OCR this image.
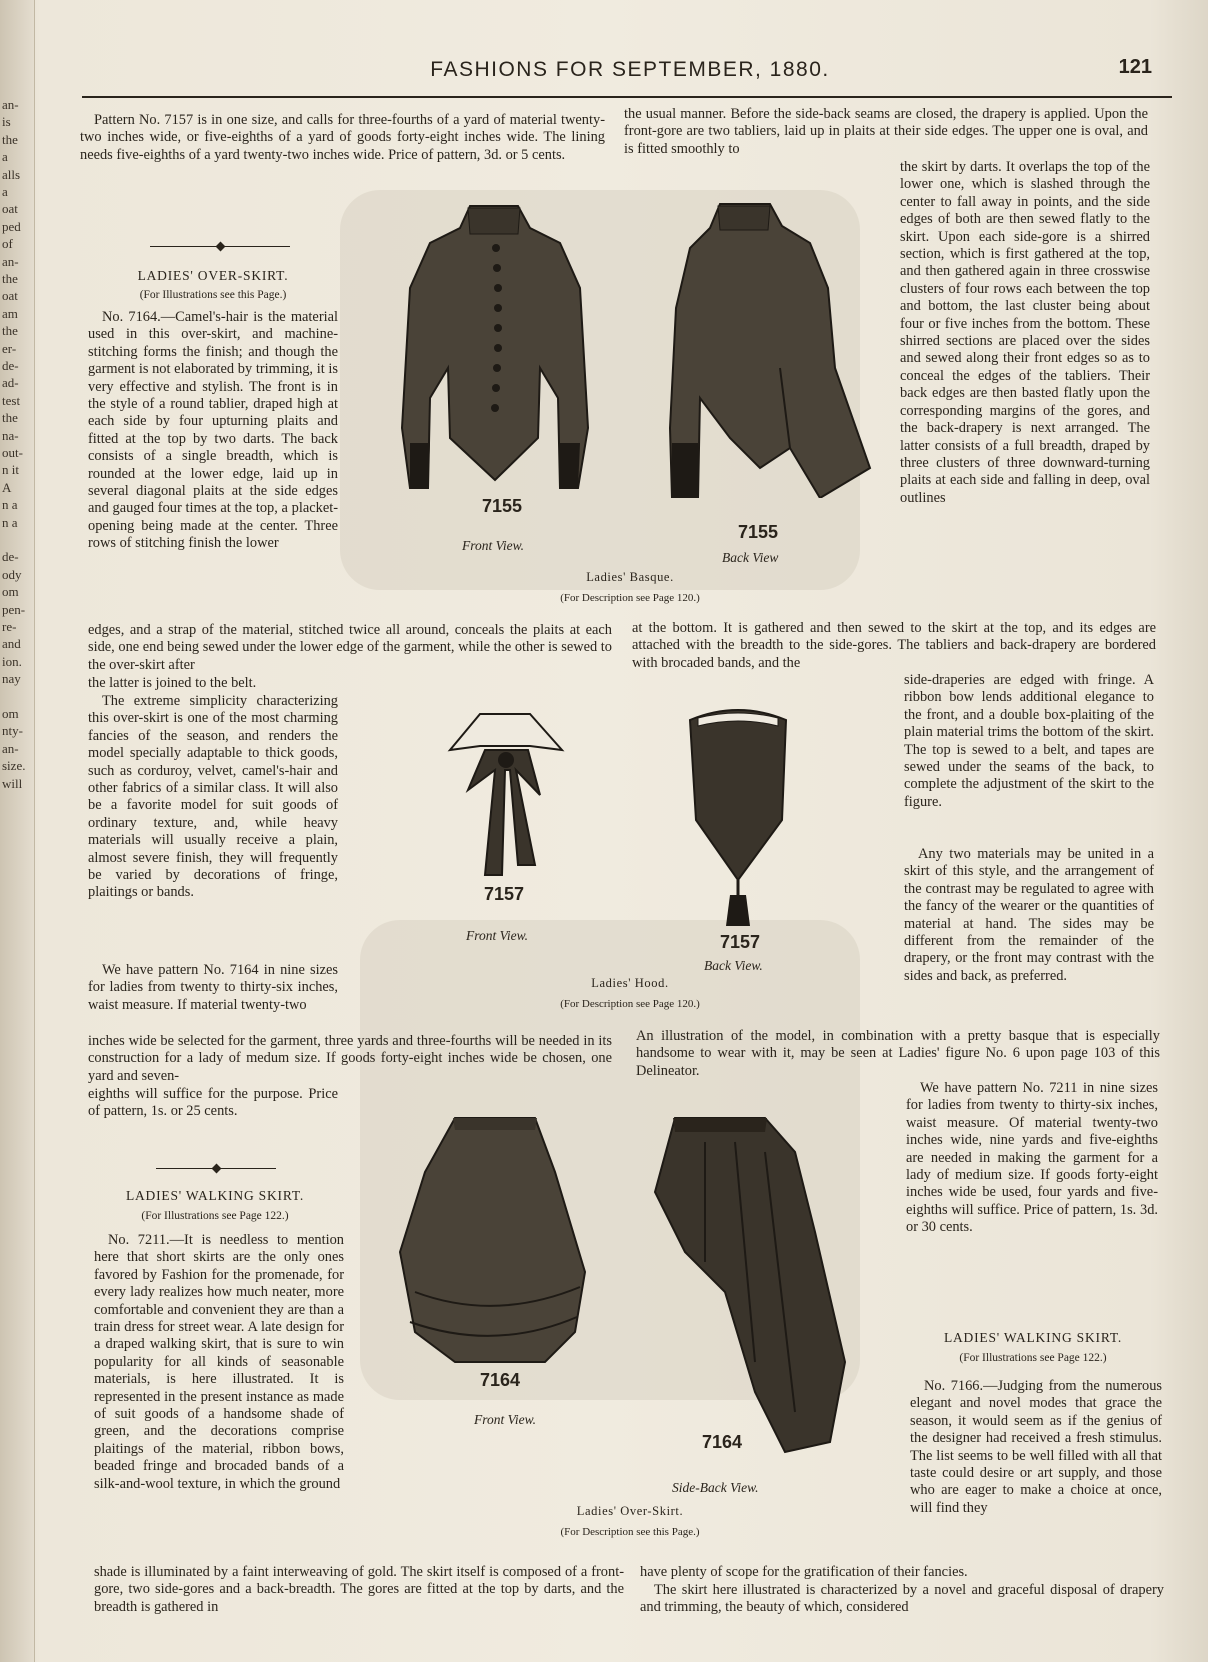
an-
is
the
a
alls
a
oat
ped
of
an-
the
oat
am
the
er-
de-
ad-
test
the
na-
out-
n it
A
n a
n a
de-
ody
om
pen-
re-
and
ion.
nay
om
nty-
an-
size.
will
FASHIONS FOR SEPTEMBER, 1880.	121

Pattern No. 7157 is in one size, and calls for three-fourths of a yard of material twenty-two inches wide, or five-eighths of a yard of goods forty-eight inches wide. The lining needs five-eighths of a yard twenty-two inches wide. Price of pattern, 3d. or 5 cents.

LADIES' OVER-SKIRT.
(For Illustrations see this Page.)

No. 7164.—Camel's-hair is the material used in this over-skirt, and machine-stitching forms the finish; and though the garment is not elaborated by trimming, it is very effective and stylish. The front is in the style of a round tablier, draped high at each side by four upturning plaits and fitted at the top by two darts. The back consists of a single breadth, which is rounded at the lower edge, laid up in several diagonal plaits at the side edges and gauged four times at the top, a placket-opening being made at the center. Three rows of stitching finish the lower

edges, and a strap of the material, stitched twice all around, conceals the plaits at each side, one end being sewed under the lower edge of the garment, while the other is sewed to the over-skirt after

the latter is joined to the belt.

The extreme simplicity characterizing this over-skirt is one of the most charming fancies of the season, and renders the model specially adaptable to thick goods, such as corduroy, velvet, camel's-hair and other fabrics of a similar class. It will also be a favorite model for suit goods of ordinary texture, and, while heavy materials will usually receive a plain, almost severe finish, they will frequently be varied by decorations of fringe, plaitings or bands.

We have pattern No. 7164 in nine sizes for ladies from twenty to thirty-six inches, waist measure. If material twenty-two

inches wide be selected for the garment, three yards and three-fourths will be needed in its construction for a lady of medum size. If goods forty-eight inches wide be chosen, one yard and seven-

eighths will suffice for the purpose. Price of pattern, 1s. or 25 cents.

LADIES' WALKING SKIRT.
(For Illustrations see Page 122.)

No. 7211.—It is needless to mention here that short skirts are the only ones favored by Fashion for the promenade, for every lady realizes how much neater, more comfortable and convenient they are than a train dress for street wear. A late design for a draped walking skirt, that is sure to win popularity for all kinds of seasonable materials, is here illustrated. It is represented in the present instance as made of suit goods of a handsome shade of green, and the decorations comprise plaitings of the material, ribbon bows, beaded fringe and brocaded bands of a silk-and-wool texture, in which the ground

shade is illuminated by a faint interweaving of gold. The skirt itself is composed of a front-gore, two side-gores and a back-breadth. The gores are fitted at the top by darts, and the breadth is gathered in

the usual manner. Before the side-back seams are closed, the drapery is applied. Upon the front-gore are two tabliers, laid up in plaits at their side edges. The upper one is oval, and is fitted smoothly to

the skirt by darts. It overlaps the top of the lower one, which is slashed through the center to fall away in points, and the side edges of both are then sewed flatly to the skirt. Upon each side-gore is a shirred section, which is first gathered at the top, and then gathered again in three crosswise clusters of four rows each between the top and bottom, the last cluster being about four or five inches from the bottom. These shirred sections are placed over the sides and sewed along their front edges so as to conceal the edges of the tabliers. Their back edges are then basted flatly upon the corresponding margins of the gores, and the back-drapery is next arranged. The latter consists of a full breadth, draped by three clusters of three downward-turning plaits at each side and falling in deep, oval outlines

at the bottom. It is gathered and then sewed to the skirt at the top, and its edges are attached with the breadth to the side-gores. The tabliers and back-drapery are bordered with brocaded bands, and the

side-draperies are edged with fringe. A ribbon bow lends additional elegance to the front, and a double box-plaiting of the plain material trims the bottom of the skirt. The top is sewed to a belt, and tapes are sewed under the seams of the back, to complete the adjustment of the skirt to the figure.

Any two materials may be united in a skirt of this style, and the arrangement of the contrast may be regulated to agree with the fancy of the wearer or the quantities of material at hand. The sides may be different from the remainder of the drapery, or the front may contrast with the sides and back, as preferred.

An illustration of the model, in combination with a pretty basque that is especially handsome to wear with it, may be seen at Ladies' figure No. 6 upon page 103 of this Delineator.

We have pattern No. 7211 in nine sizes for ladies from twenty to thirty-six inches, waist measure. Of material twenty-two inches wide, nine yards and five-eighths are needed in making the garment for a lady of medium size. If goods forty-eight inches wide be used, four yards and five-eighths will suffice. Price of pattern, 1s. 3d. or 30 cents.

LADIES' WALKING SKIRT.
(For Illustrations see Page 122.)

No. 7166.—Judging from the numerous elegant and novel modes that grace the season, it would seem as if the genius of the designer had received a fresh stimulus. The list seems to be well filled with all that taste could desire or art supply, and those who are eager to make a choice at once, will find they

have plenty of scope for the gratification of their fancies.

The skirt here illustrated is characterized by a novel and graceful disposal of drapery and trimming, the beauty of which, considered

7155
7155
Front View.
Back View
Ladies' Basque.
(For Description see Page 120.)
7157
7157
Front View.
Back View.
Ladies' Hood.
(For Description see Page 120.)
7164
7164
Front View.
Side-Back View.
Ladies' Over-Skirt.
(For Description see this Page.)
